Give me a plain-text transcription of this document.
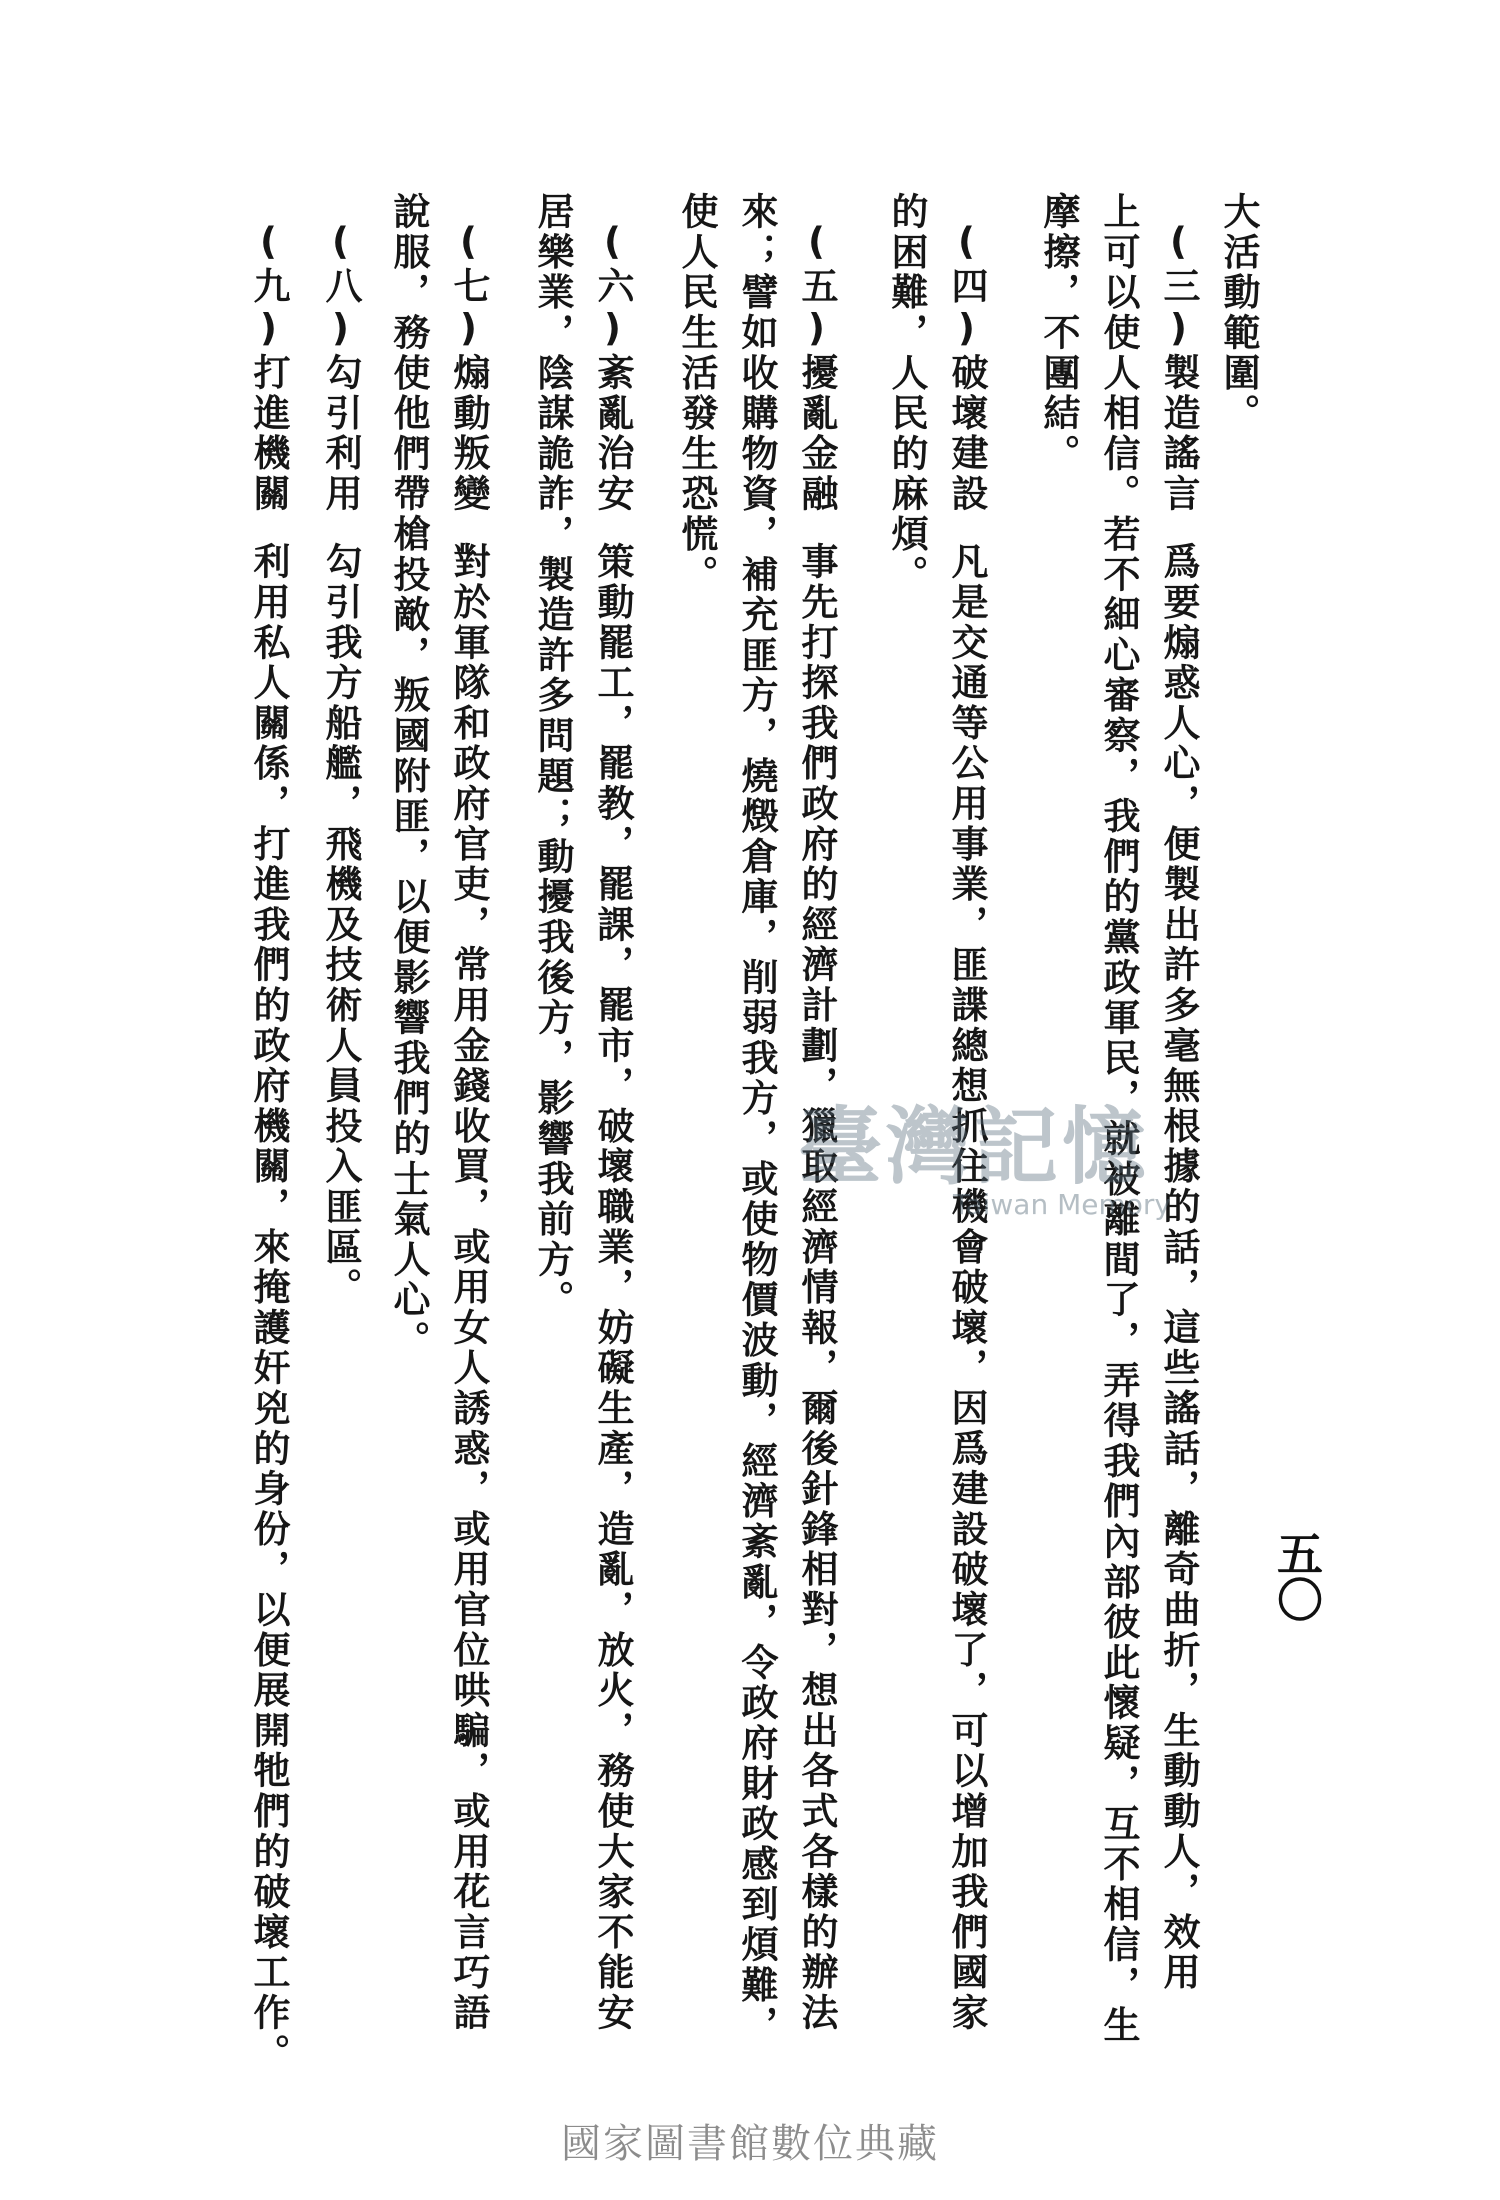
五〇
大活動範圍。
(三)製造謠言爲要煽惑人心，便製出許多毫無根據的話，這些謠話，離奇曲折，生動動人，效用
上可以使人相信。若不細心審察，我們的黨政軍民，就被離間了，弄得我們內部彼此懷疑，互不相信，生
摩擦，不團結。
(四)破壞建設凡是交通等公用事業，匪諜總想抓住機會破壞，因爲建設破壞了，可以增加我們國家
的困難，人民的麻煩。
(五)擾亂金融事先打探我們政府的經濟計劃，獵取經濟情報，爾後針鋒相對，想出各式各樣的辦法
來；譬如收購物資，補充匪方，燒燬倉庫，削弱我方，或使物價波動，經濟紊亂，令政府財政感到煩難，
使人民生活發生恐慌。
(六)紊亂治安策動罷工，罷教，罷課，罷市，破壞職業，妨礙生產，造亂，放火，務使大家不能安
居樂業，陰謀詭詐，製造許多問題；動擾我後方，影響我前方。
(七)煽動叛變對於軍隊和政府官吏，常用金錢收買，或用女人誘惑，或用官位哄騙，或用花言巧語
說服，務使他們帶槍投敵，叛國附匪，以便影響我們的士氣人心。
(八)勾引利用勾引我方船艦，飛機及技術人員投入匪區。
(九)打進機關利用私人關係，打進我們的政府機關，來掩護奸兇的身份，以便展開牠們的破壞工作。	臺灣記憶
Taiwan Memory
國家圖書館數位典藏
